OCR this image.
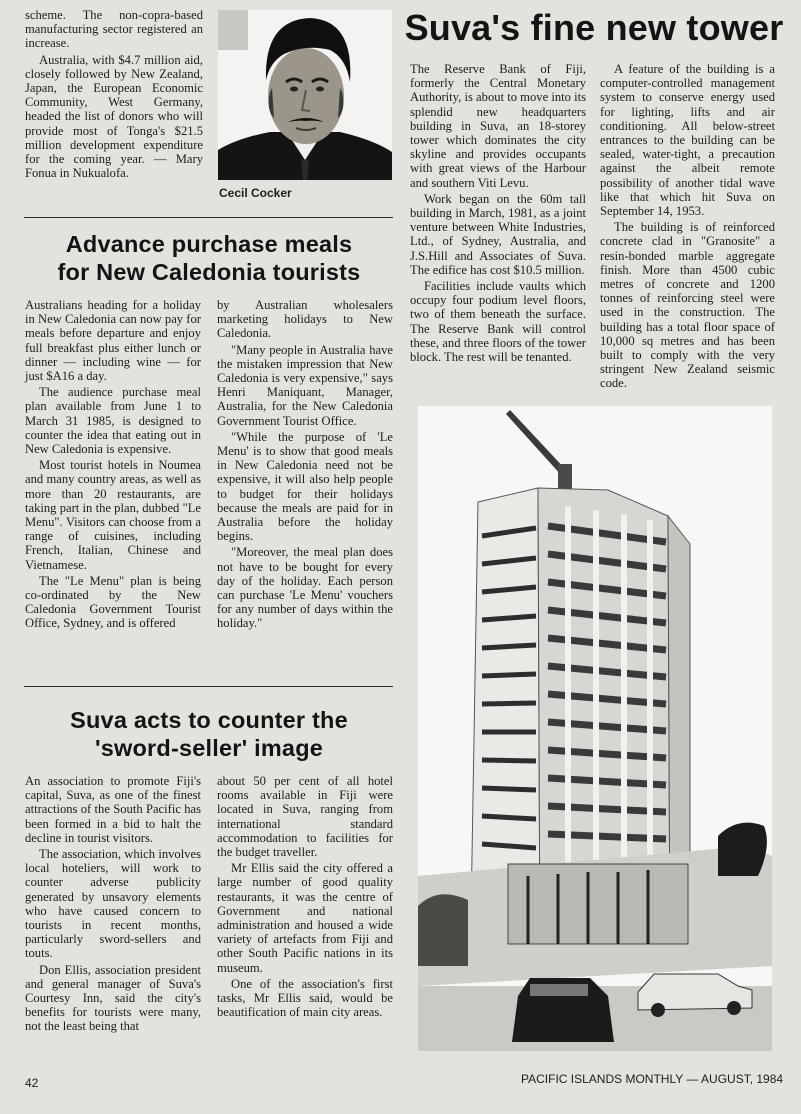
scheme. The non-copra-based manufacturing sector registered an increase.

Australia, with $4.7 million aid, closely followed by New Zealand, Japan, the European Economic Community, West Germany, headed the list of donors who will provide most of Tonga's $21.5 million development expenditure for the coming year. — Mary Fonua in Nukualofa.

Cecil Cocker
Suva's fine new tower

The Reserve Bank of Fiji, formerly the Central Monetary Authority, is about to move into its splendid new headquarters building in Suva, an 18-storey tower which dominates the city skyline and provides occupants with great views of the Harbour and southern Viti Levu.

Work began on the 60m tall building in March, 1981, as a joint venture between White Industries, Ltd., of Sydney, Australia, and J.S.Hill and Associates of Suva. The edifice has cost $10.5 million.

Facilities include vaults which occupy four podium level floors, two of them beneath the surface. The Reserve Bank will control these, and three floors of the tower block. The rest will be tenanted.

A feature of the building is a computer-controlled management system to conserve energy used for lighting, lifts and air conditioning. All below-street entrances to the building can be sealed, water-tight, a precaution against the albeit remote possibility of another tidal wave like that which hit Suva on September 14, 1953.

The building is of reinforced concrete clad in "Granosite" a resin-bonded marble aggregate finish. More than 4500 cubic metres of concrete and 1200 tonnes of reinforcing steel were used in the construction. The building has a total floor space of 10,000 sq metres and has been built to comply with the very stringent New Zealand seismic code.

Advance purchase meals
for New Caledonia tourists

Australians heading for a holiday in New Caledonia can now pay for meals before departure and enjoy full breakfast plus either lunch or dinner — including wine — for just $A16 a day.

The audience purchase meal plan available from June 1 to March 31 1985, is designed to counter the idea that eating out in New Caledonia is expensive.

Most tourist hotels in Noumea and many country areas, as well as more than 20 restaurants, are taking part in the plan, dubbed "Le Menu". Visitors can choose from a range of cuisines, including French, Italian, Chinese and Vietnamese.

The "Le Menu" plan is being co-ordinated by the New Caledonia Government Tourist Office, Sydney, and is offered

by Australian wholesalers marketing holidays to New Caledonia.

"Many people in Australia have the mistaken impression that New Caledonia is very expensive," says Henri Maniquant, Manager, Australia, for the New Caledonia Government Tourist Office.

"While the purpose of 'Le Menu' is to show that good meals in New Caledonia need not be expensive, it will also help people to budget for their holidays because the meals are paid for in Australia before the holiday begins.

"Moreover, the meal plan does not have to be bought for every day of the holiday. Each person can purchase 'Le Menu' vouchers for any number of days within the holiday."

Suva acts to counter the
'sword-seller' image

An association to promote Fiji's capital, Suva, as one of the finest attractions of the South Pacific has been formed in a bid to halt the decline in tourist visitors.

The association, which involves local hoteliers, will work to counter adverse publicity generated by unsavory elements who have caused concern to tourists in recent months, particularly sword-sellers and touts.

Don Ellis, association president and general manager of Suva's Courtesy Inn, said the city's benefits for tourists were many, not the least being that

about 50 per cent of all hotel rooms available in Fiji were located in Suva, ranging from international standard accommodation to facilities for the budget traveller.

Mr Ellis said the city offered a large number of good quality restaurants, it was the centre of Government and national administration and housed a wide variety of artefacts from Fiji and other South Pacific nations in its museum.

One of the association's first tasks, Mr Ellis said, would be beautification of main city areas.

42	PACIFIC ISLANDS MONTHLY — AUGUST, 1984
